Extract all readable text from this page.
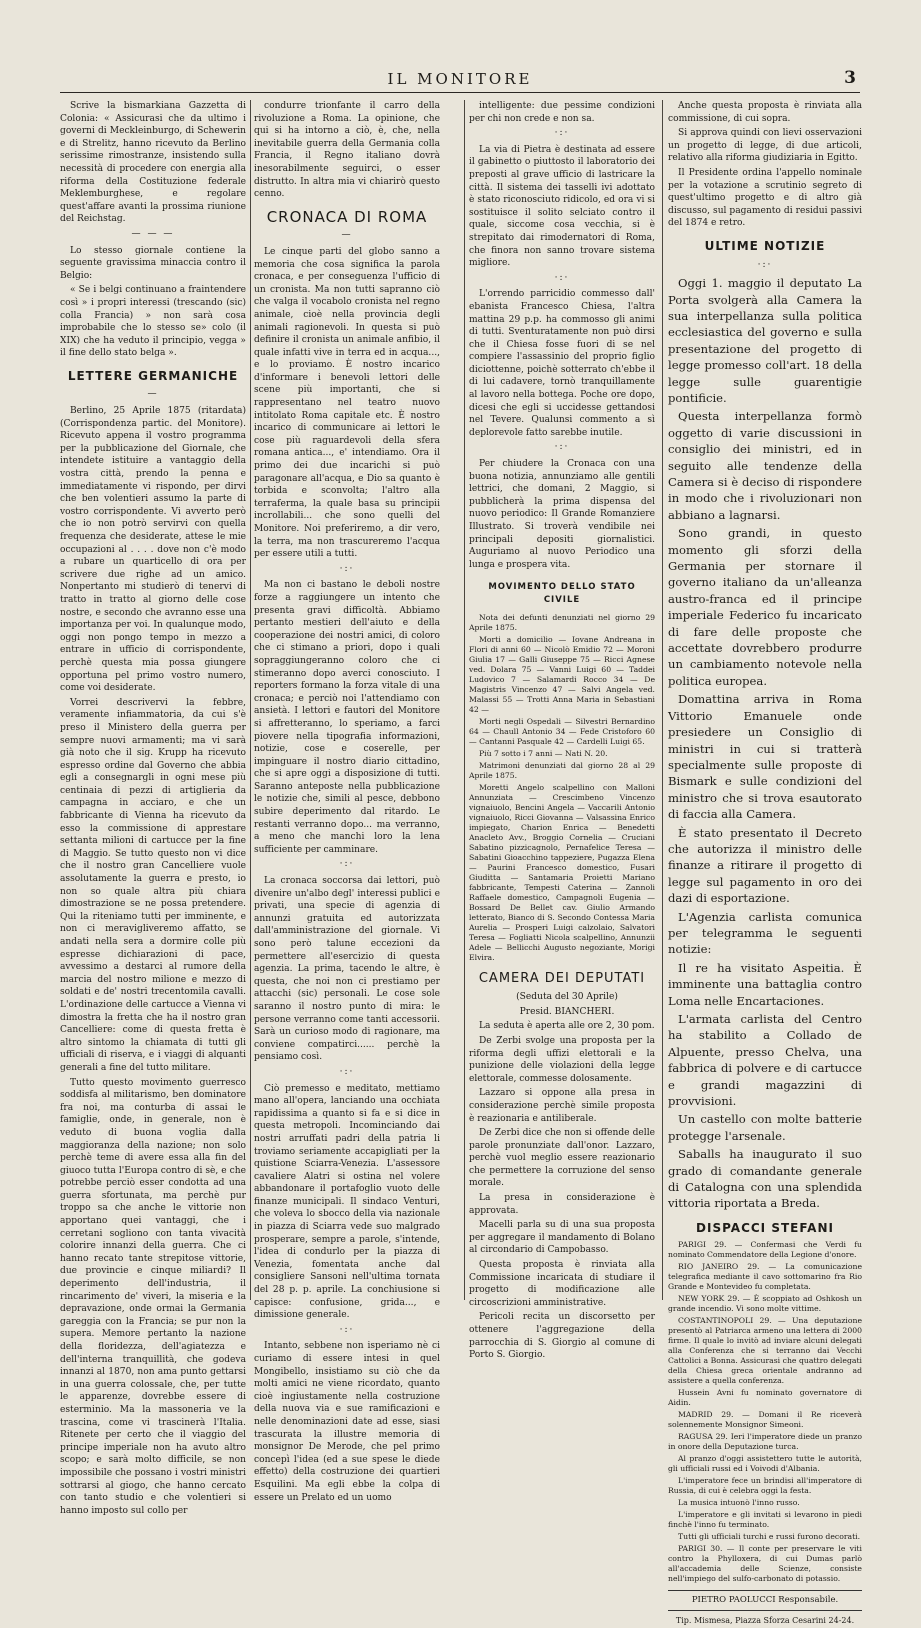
IL MONITORE	3

Scrive la bismarkiana Gazzetta di Colonia: « Assicurasi che da ultimo i governi di Meckleinburgo, di Schewerin e di Strelitz, hanno ricevuto da Berlino serissime rimostranze, insistendo sulla necessità di procedere con energia alla riforma della Costituzione federale Meklemburghese, e regolare quest'affare avanti la prossima riunione del Reichstag.

— — —

Lo stesso giornale contiene la seguente gravissima minaccia contro il Belgio:

« Se i belgi continuano a fraintendere così » i propri interessi (trescando (sic) colla Francia) » non sarà cosa improbabile che lo stesso se» colo (il XIX) che ha veduto il principio, vegga » il fine dello stato belga ».

LETTERE GERMANICHE
—

Berlino, 25 Aprile 1875 (ritardata) (Corrispondenza partic. del Monitore). Ricevuto appena il vostro programma per la pubblicazione del Giornale, che intendete istituire a vantaggio della vostra città, prendo la penna e immediatamente vi rispondo, per dirvi che ben volentieri assumo la parte di vostro corrispondente. Vi avverto però che io non potrò servirvi con quella frequenza che desiderate, attese le mie occupazioni al . . . . dove non c'è modo a rubare un quarticello di ora per scrivere due righe ad un amico. Nonpertanto mi studierò di tenervi di tratto in tratto al giorno delle cose nostre, e secondo che avranno esse una importanza per voi. In qualunque modo, oggi non pongo tempo in mezzo a entrare in ufficio di corrispondente, perchè questa mia possa giungere opportuna pel primo vostro numero, come voi desiderate.

Vorrei descrivervi la febbre, veramente infiammatoria, da cui s'è preso il Ministero della guerra per sempre nuovi armamenti; ma vi sarà già noto che il sig. Krupp ha ricevuto espresso ordine dal Governo che abbia egli a consegnargli in ogni mese più centinaia di pezzi di artiglieria da campagna in acciaro, e che un fabbricante di Vienna ha ricevuto da esso la commissione di apprestare settanta milioni di cartucce per la fine di Maggio. Se tutto questo non vi dice che il nostro gran Cancelliere vuole assolutamente la guerra e presto, io non so quale altra più chiara dimostrazione se ne possa pretendere. Qui la riteniamo tutti per imminente, e non ci meravigliveremo affatto, se andati nella sera a dormire colle più espresse dichiarazioni di pace, avvessimo a destarci al rumore della marcia del nostro milione e mezzo di soldati e de' nostri trecentomila cavalli. L'ordinazione delle cartucce a Vienna vi dimostra la fretta che ha il nostro gran Cancelliere: come di questa fretta è altro sintomo la chiamata di tutti gli ufficiali di riserva, e i viaggi di alquanti generali a fine del tutto militare.

Tutto questo movimento guerresco soddisfa al militarismo, ben dominatore fra noi, ma conturba di assai le famiglie, onde, in generale, non è veduto di buona voglia dalla maggioranza della nazione; non solo perchè teme di avere essa alla fin del giuoco tutta l'Europa contro di sè, e che potrebbe perciò esser condotta ad una guerra sfortunata, ma perchè pur troppo sa che anche le vittorie non apportano quei vantaggi, che i cerretani sogliono con tanta vivacità colorire innanzi della guerra. Che ci hanno recato tante strepitose vittorie, due provincie e cinque miliardi? Il deperimento dell'industria, il rincarimento de' viveri, la miseria e la depravazione, onde ormai la Germania gareggia con la Francia; se pur non la supera. Memore pertanto la nazione della floridezza, dell'agiatezza e dell'interna tranquillità, che godeva innanzi al 1870, non ama punto gettarsi in una guerra colossale, che, per tutte le apparenze, dovrebbe essere di esterminio. Ma la massoneria ve la trascina, come vi trascinerà l'Italia. Ritenete per certo che il viaggio del principe imperiale non ha avuto altro scopo; e sarà molto difficile, se non impossibile che possano i vostri ministri sottrarsi al giogo, che hanno cercato con tanto studio e che volentieri si hanno imposto sul collo per

condurre trionfante il carro della rivoluzione a Roma. La opinione, che qui si ha intorno a ciò, è, che, nella inevitabile guerra della Germania colla Francia, il Regno italiano dovrà inesorabilmente seguirci, o esser distrutto. In altra mia vi chiarirò questo cenno.

CRONACA DI ROMA
—

Le cinque parti del globo sanno a memoria che cosa significa la parola cronaca, e per conseguenza l'ufficio di un cronista. Ma non tutti sapranno ciò che valga il vocabolo cronista nel regno animale, cioè nella provincia degli animali ragionevoli. In questa si può definire il cronista un animale anfibio, il quale infatti vive in terra ed in acqua..., e lo proviamo. È nostro incarico d'informare i benevoli lettori delle scene più importanti, che si rappresentano nel teatro nuovo intitolato Roma capitale etc. È nostro incarico di communicare ai lettori le cose più raguardevoli della sfera romana antica..., e' intendiamo. Ora il primo dei due incarichi si può paragonare all'acqua, e Dio sa quanto è torbida e sconvolta; l'altro alla terraferma, la quale basa su principii incrollabili... che sono quelli del Monitore. Noi preferiremo, a dir vero, la terra, ma non trascureremo l'acqua per essere utili a tutti.

·:·

Ma non ci bastano le deboli nostre forze a raggiungere un intento che presenta gravi difficoltà. Abbiamo pertanto mestieri dell'aiuto e della cooperazione dei nostri amici, di coloro che ci stimano a priori, dopo i quali sopraggiungeranno coloro che ci stimeranno dopo averci conosciuto. I reporters formano la forza vitale di una cronaca; e perciò noi l'attendiamo con ansietà. I lettori e fautori del Monitore si affretteranno, lo speriamo, a farci piovere nella tipografia informazioni, notizie, cose e coserelle, per impinguare il nostro diario cittadino, che si apre oggi a disposizione di tutti. Saranno anteposte nella pubblicazione le notizie che, simili al pesce, debbono subire deperimento dal ritardo. Le restanti verranno dopo... ma verranno, a meno che manchi loro la lena sufficiente per camminare.

·:·

La cronaca soccorsa dai lettori, può divenire un'albo degl' interessi publici e privati, una specie di agenzia di annunzi gratuita ed autorizzata dall'amministrazione del giornale. Vi sono però talune eccezioni da permettere all'esercizio di questa agenzia. La prima, tacendo le altre, è questa, che noi non ci prestiamo per attacchi (sic) personali. Le cose sole saranno il nostro punto di mira: le persone verranno come tanti accessorii. Sarà un curioso modo di ragionare, ma conviene compatirci...... perchè la pensiamo così.

·:·

Ciò premesso e meditato, mettiamo mano all'opera, lanciando una occhiata rapidissima a quanto si fa e si dice in questa metropoli. Incominciando dai nostri arruffati padri della patria li troviamo seriamente accapigliati per la quistione Sciarra-Venezia. L'assessore cavaliere Alatri si ostina nel volere abbandonare il portafoglio vuoto delle finanze municipali. Il sindaco Venturi, che voleva lo sbocco della via nazionale in piazza di Sciarra vede suo malgrado prosperare, sempre a parole, s'intende, l'idea di condurlo per la piazza di Venezia, fomentata anche dal consigliere Sansoni nell'ultima tornata del 28 p. p. aprile. La conchiusione si capisce: confusione, grida..., e dimissione generale.

·:·

Intanto, sebbene non isperiamo nè ci curiamo di essere intesi in quel Mongibello, insistiamo su ciò che da molti amici ne viene ricordato, quanto cioè ingiustamente nella costruzione della nuova via e sue ramificazioni e nelle denominazioni date ad esse, siasi trascurata la illustre memoria di monsignor De Merode, che pel primo concepì l'idea (ed a sue spese le diede effetto) della costruzione dei quartieri Esquilini. Ma egli ebbe la colpa di essere un Prelato ed un uomo

intelligente: due pessime condizioni per chi non crede e non sa.

·:·

La via di Pietra è destinata ad essere il gabinetto o piuttosto il laboratorio dei preposti al grave ufficio di lastricare la città. Il sistema dei tasselli ivi adottato è stato riconosciuto ridicolo, ed ora vi si sostituisce il solito selciato contro il quale, siccome cosa vecchia, si è strepitato dai rimodernatori di Roma, che finora non sanno trovare sistema migliore.

·:·

L'orrendo parricidio commesso dall' ebanista Francesco Chiesa, l'altra mattina 29 p.p. ha commosso gli animi di tutti. Sventuratamente non può dirsi che il Chiesa fosse fuori di se nel compiere l'assassinio del proprio figlio diciottenne, poichè sotterrato ch'ebbe il di lui cadavere, tornò tranquillamente al lavoro nella bottega. Poche ore dopo, dicesi che egli si uccidesse gettandosi nel Tevere. Qualunsi commento a sì deplorevole fatto sarebbe inutile.

·:·

Per chiudere la Cronaca con una buona notizia, annunziamo alle gentili lettrici, che domani, 2 Maggio, si pubblicherà la prima dispensa del nuovo periodico: Il Grande Romanziere Illustrato. Si troverà vendibile nei principali depositi giornalistici. Auguriamo al nuovo Periodico una lunga e prospera vita.

MOVIMENTO DELLO STATO CIVILE

Nota dei defunti denunziati nel giorno 29 Aprile 1875.

Morti a domicilio — Iovane Andreana in Flori di anni 60 — Nicolò Emidio 72 — Moroni Giulia 17 — Galli Giuseppe 75 — Ricci Agnese ved. Dolara 75 — Vanni Luigi 60 — Taddei Ludovico 7 — Salamardi Rocco 34 — De Magistris Vincenzo 47 — Salvi Angela ved. Malassi 55 — Trotti Anna Maria in Sebastiani 42 —

Morti negli Ospedali — Silvestri Bernardino 64 — Chaull Antonio 34 — Fede Cristoforo 60 — Cantanni Pasquale 42 — Cardelli Luigi 65.

Più 7 sotto i 7 anni — Nati N. 20.

Matrimoni denunziati dal giorno 28 al 29 Aprile 1875.

Moretti Angelo scalpellino con Malloni Annunziata — Crescimbeno Vincenzo vignaiuolo, Bencini Angela — Vaccarili Antonio vignaiuolo, Ricci Giovanna — Valsassina Enrico impiegato, Charion Enrica — Benedetti Anacleto Avv., Broggio Cornelia — Cruciani Sabatino pizzicagnolo, Pernafelice Teresa — Sabatini Gioacchino tappeziere, Pugazza Elena — Paurini Francesco domestico, Fusari Giuditta — Santamaria Proietti Mariano fabbricante, Tempesti Caterina — Zannoli Raffaele domestico, Campagnoli Eugenia — Bossard De Bellet cav. Giulio Armando letterato, Bianco di S. Secondo Contessa Maria Aurelia — Prosperi Luigi calzolaio, Salvatori Teresa — Fogliatti Nicola scalpellino, Annunzii Adele — Bellicchi Augusto negoziante, Morigi Elvira.

CAMERA DEI DEPUTATI

(Seduta del 30 Aprile)

Presid. BIANCHERI.

La seduta è aperta alle ore 2, 30 pom.

De Zerbi svolge una proposta per la riforma degli uffizi elettorali e la punizione delle violazioni della legge elettorale, commesse dolosamente.

Lazzaro si oppone alla presa in considerazione perchè simile proposta è reazionaria e antiliberale.

De Zerbi dice che non si offende delle parole pronunziate dall'onor. Lazzaro, perchè vuol meglio essere reazionario che permettere la corruzione del senso morale.

La presa in considerazione è approvata.

Macelli parla su di una sua proposta per aggregare il mandamento di Bolano al circondario di Campobasso.

Questa proposta è rinviata alla Commissione incaricata di studiare il progetto di modificazione alle circoscrizioni amministrative.

Pericoli recita un discorsetto per ottenere l'aggregazione della parrocchia di S. Giorgio al comune di Porto S. Giorgio.

Anche questa proposta è rinviata alla commissione, di cui sopra.

Si approva quindi con lievi osservazioni un progetto di legge, di due articoli, relativo alla riforma giudiziaria in Egitto.

Il Presidente ordina l'appello nominale per la votazione a scrutinio segreto di quest'ultimo progetto e di altro già discusso, sul pagamento di residui passivi del 1874 e retro.

ULTIME NOTIZIE
·:·

Oggi 1. maggio il deputato La Porta svolgerà alla Camera la sua interpellanza sulla politica ecclesiastica del governo e sulla presentazione del progetto di legge promesso coll'art. 18 della legge sulle guarentigie pontificie.

Questa interpellanza formò oggetto di varie discussioni in consiglio dei ministri, ed in seguito alle tendenze della Camera si è deciso di rispondere in modo che i rivoluzionari non abbiano a lagnarsi.

Sono grandi, in questo momento gli sforzi della Germania per stornare il governo italiano da un'alleanza austro-franca ed il principe imperiale Federico fu incaricato di fare delle proposte che accettate dovrebbero produrre un cambiamento notevole nella politica europea.

Domattina arriva in Roma Vittorio Emanuele onde presiedere un Consiglio di ministri in cui si tratterà specialmente sulle proposte di Bismark e sulle condizioni del ministro che si trova esautorato di faccia alla Camera.

È stato presentato il Decreto che autorizza il ministro delle finanze a ritirare il progetto di legge sul pagamento in oro dei dazi di esportazione.

L'Agenzia carlista comunica per telegramma le seguenti notizie:

Il re ha visitato Aspeitia. È imminente una battaglia contro Loma nelle Encartaciones.

L'armata carlista del Centro ha stabilito a Collado de Alpuente, presso Chelva, una fabbrica di polvere e di cartucce e grandi magazzini di provvisioni.

Un castello con molte batterie protegge l'arsenale.

Saballs ha inaugurato il suo grado di comandante generale di Catalogna con una splendida vittoria riportata a Breda.

DISPACCI STEFANI

PARIGI 29. — Confermasi che Verdi fu nominato Commendatore della Legione d'onore.

RIO JANEIRO 29. — La comunicazione telegrafica mediante il cavo sottomarino fra Rio Grande e Montevideo fu completata.

NEW YORK 29. — È scoppiato ad Oshkosh un grande incendio. Vi sono molte vittime.

COSTANTINOPOLI 29. — Una deputazione presentò al Patriarca armeno una lettera di 2000 firme. Il quale lo invitò ad inviare alcuni delegati alla Conferenza che si terranno dai Vecchi Cattolici a Bonna. Assicurasi che quattro delegati della Chiesa greca orientale andranno ad assistere a quella conferenza.

Hussein Avni fu nominato governatore di Aidin.

MADRID 29. — Domani il Re riceverà solennemente Monsignor Simeoni.

RAGUSA 29. Ieri l'imperatore diede un pranzo in onore della Deputazione turca.

Al pranzo d'oggi assistettero tutte le autorità, gli ufficiali russi ed i Voivodi d'Albania.

L'imperatore fece un brindisi all'imperatore di Russia, di cui è celebra oggi la festa.

La musica intuonò l'inno russo.

L'imperatore e gli invitati si levarono in piedi finchè l'inno fu terminato.

Tutti gli ufficiali turchi e russi furono decorati.

PARIGI 30. — Il conte per preservare le viti contro la Phylloxera, di cui Dumas parlò all'accademia delle Scienze, consiste nell'impiego del sulfo-carbonato di potassio.

PIETRO PAOLUCCI Responsabile.
Tip. Mismesa, Piazza Sforza Cesarini 24-24.
